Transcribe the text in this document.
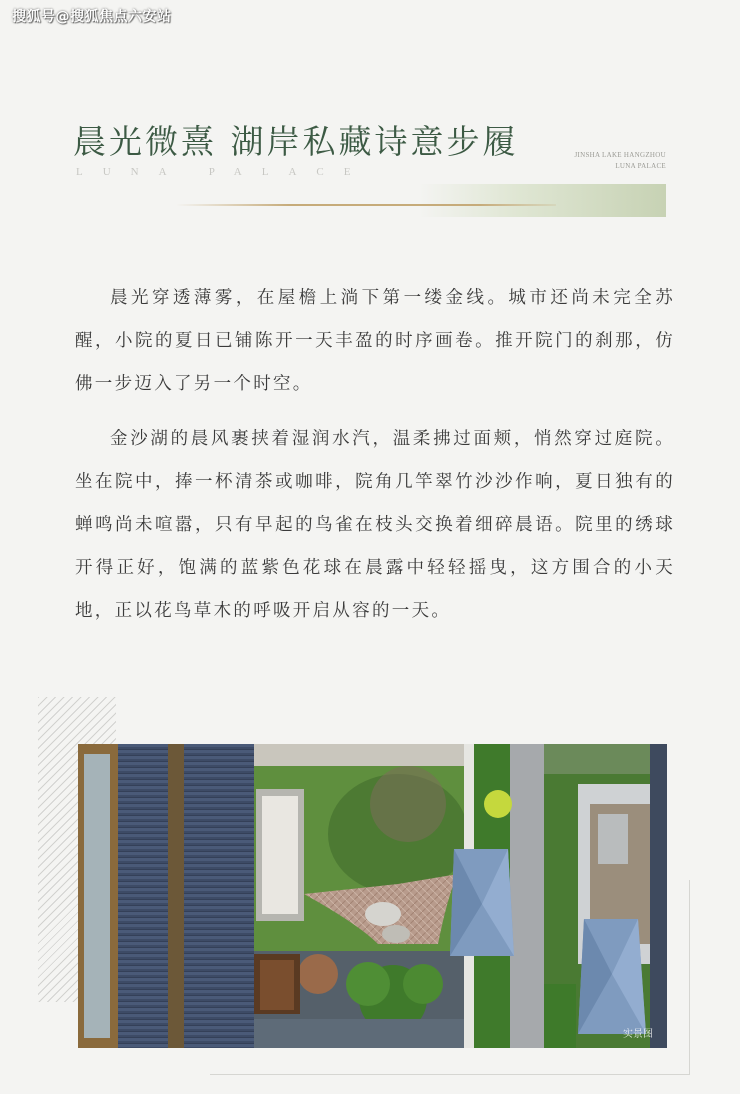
搜狐号@搜狐焦点六安站
晨光微熹 湖岸私藏诗意步履
LUNA PALACE
JINSHA LAKE HANGZHOU
LUNA PALACE

晨光穿透薄雾，在屋檐上淌下第一缕金线。城市还尚未完全苏醒，小院的夏日已铺陈开一天丰盈的时序画卷。推开院门的刹那，仿佛一步迈入了另一个时空。

金沙湖的晨风裹挟着湿润水汽，温柔拂过面颊，悄然穿过庭院。坐在院中，捧一杯清茶或咖啡，院角几竿翠竹沙沙作响，夏日独有的蝉鸣尚未喧嚣，只有早起的鸟雀在枝头交换着细碎晨语。院里的绣球开得正好，饱满的蓝紫色花球在晨露中轻轻摇曳，这方围合的小天地，正以花鸟草木的呼吸开启从容的一天。

实景图
